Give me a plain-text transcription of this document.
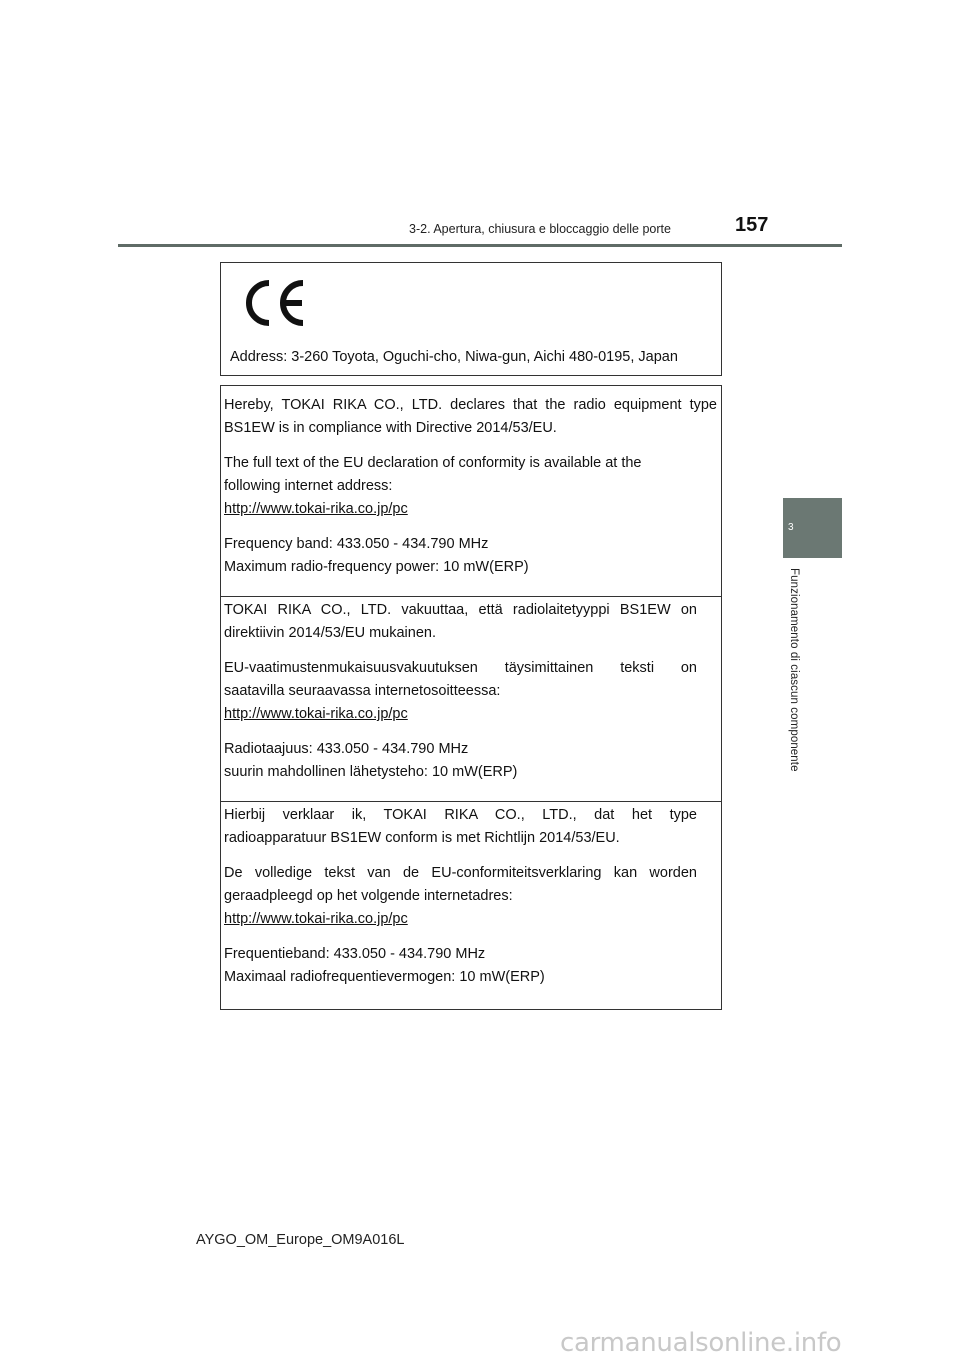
3-2. Apertura, chiusura e bloccaggio delle porte	157
3
Funzionamento di ciascun componente
Address: 3-260 Toyota, Oguchi-cho, Niwa-gun, Aichi 480-0195, Japan

Hereby, TOKAI RIKA CO., LTD. declares that the radio equipment type

BS1EW is in compliance with Directive 2014/53/EU.

The full text of the EU declaration of conformity is available at the

following internet address:

http://www.tokai-rika.co.jp/pc

Frequency band: 433.050 - 434.790 MHz

Maximum radio-frequency power: 10 mW(ERP)

TOKAI RIKA CO., LTD. vakuuttaa, että radiolaitetyyppi BS1EW on

direktiivin 2014/53/EU mukainen.

EU-vaatimustenmukaisuusvakuutuksen täysimittainen teksti on

saatavilla seuraavassa internetosoitteessa:

http://www.tokai-rika.co.jp/pc

Radiotaajuus: 433.050 - 434.790 MHz

suurin mahdollinen lähetysteho: 10 mW(ERP)

Hierbij verklaar ik, TOKAI RIKA CO., LTD., dat het type

radioapparatuur BS1EW conform is met Richtlijn 2014/53/EU.

De volledige tekst van de EU-conformiteitsverklaring kan worden

geraadpleegd op het volgende internetadres:

http://www.tokai-rika.co.jp/pc

Frequentieband: 433.050 - 434.790 MHz

Maximaal radiofrequentievermogen: 10 mW(ERP)

AYGO_OM_Europe_OM9A016L
carmanualsonline.info
